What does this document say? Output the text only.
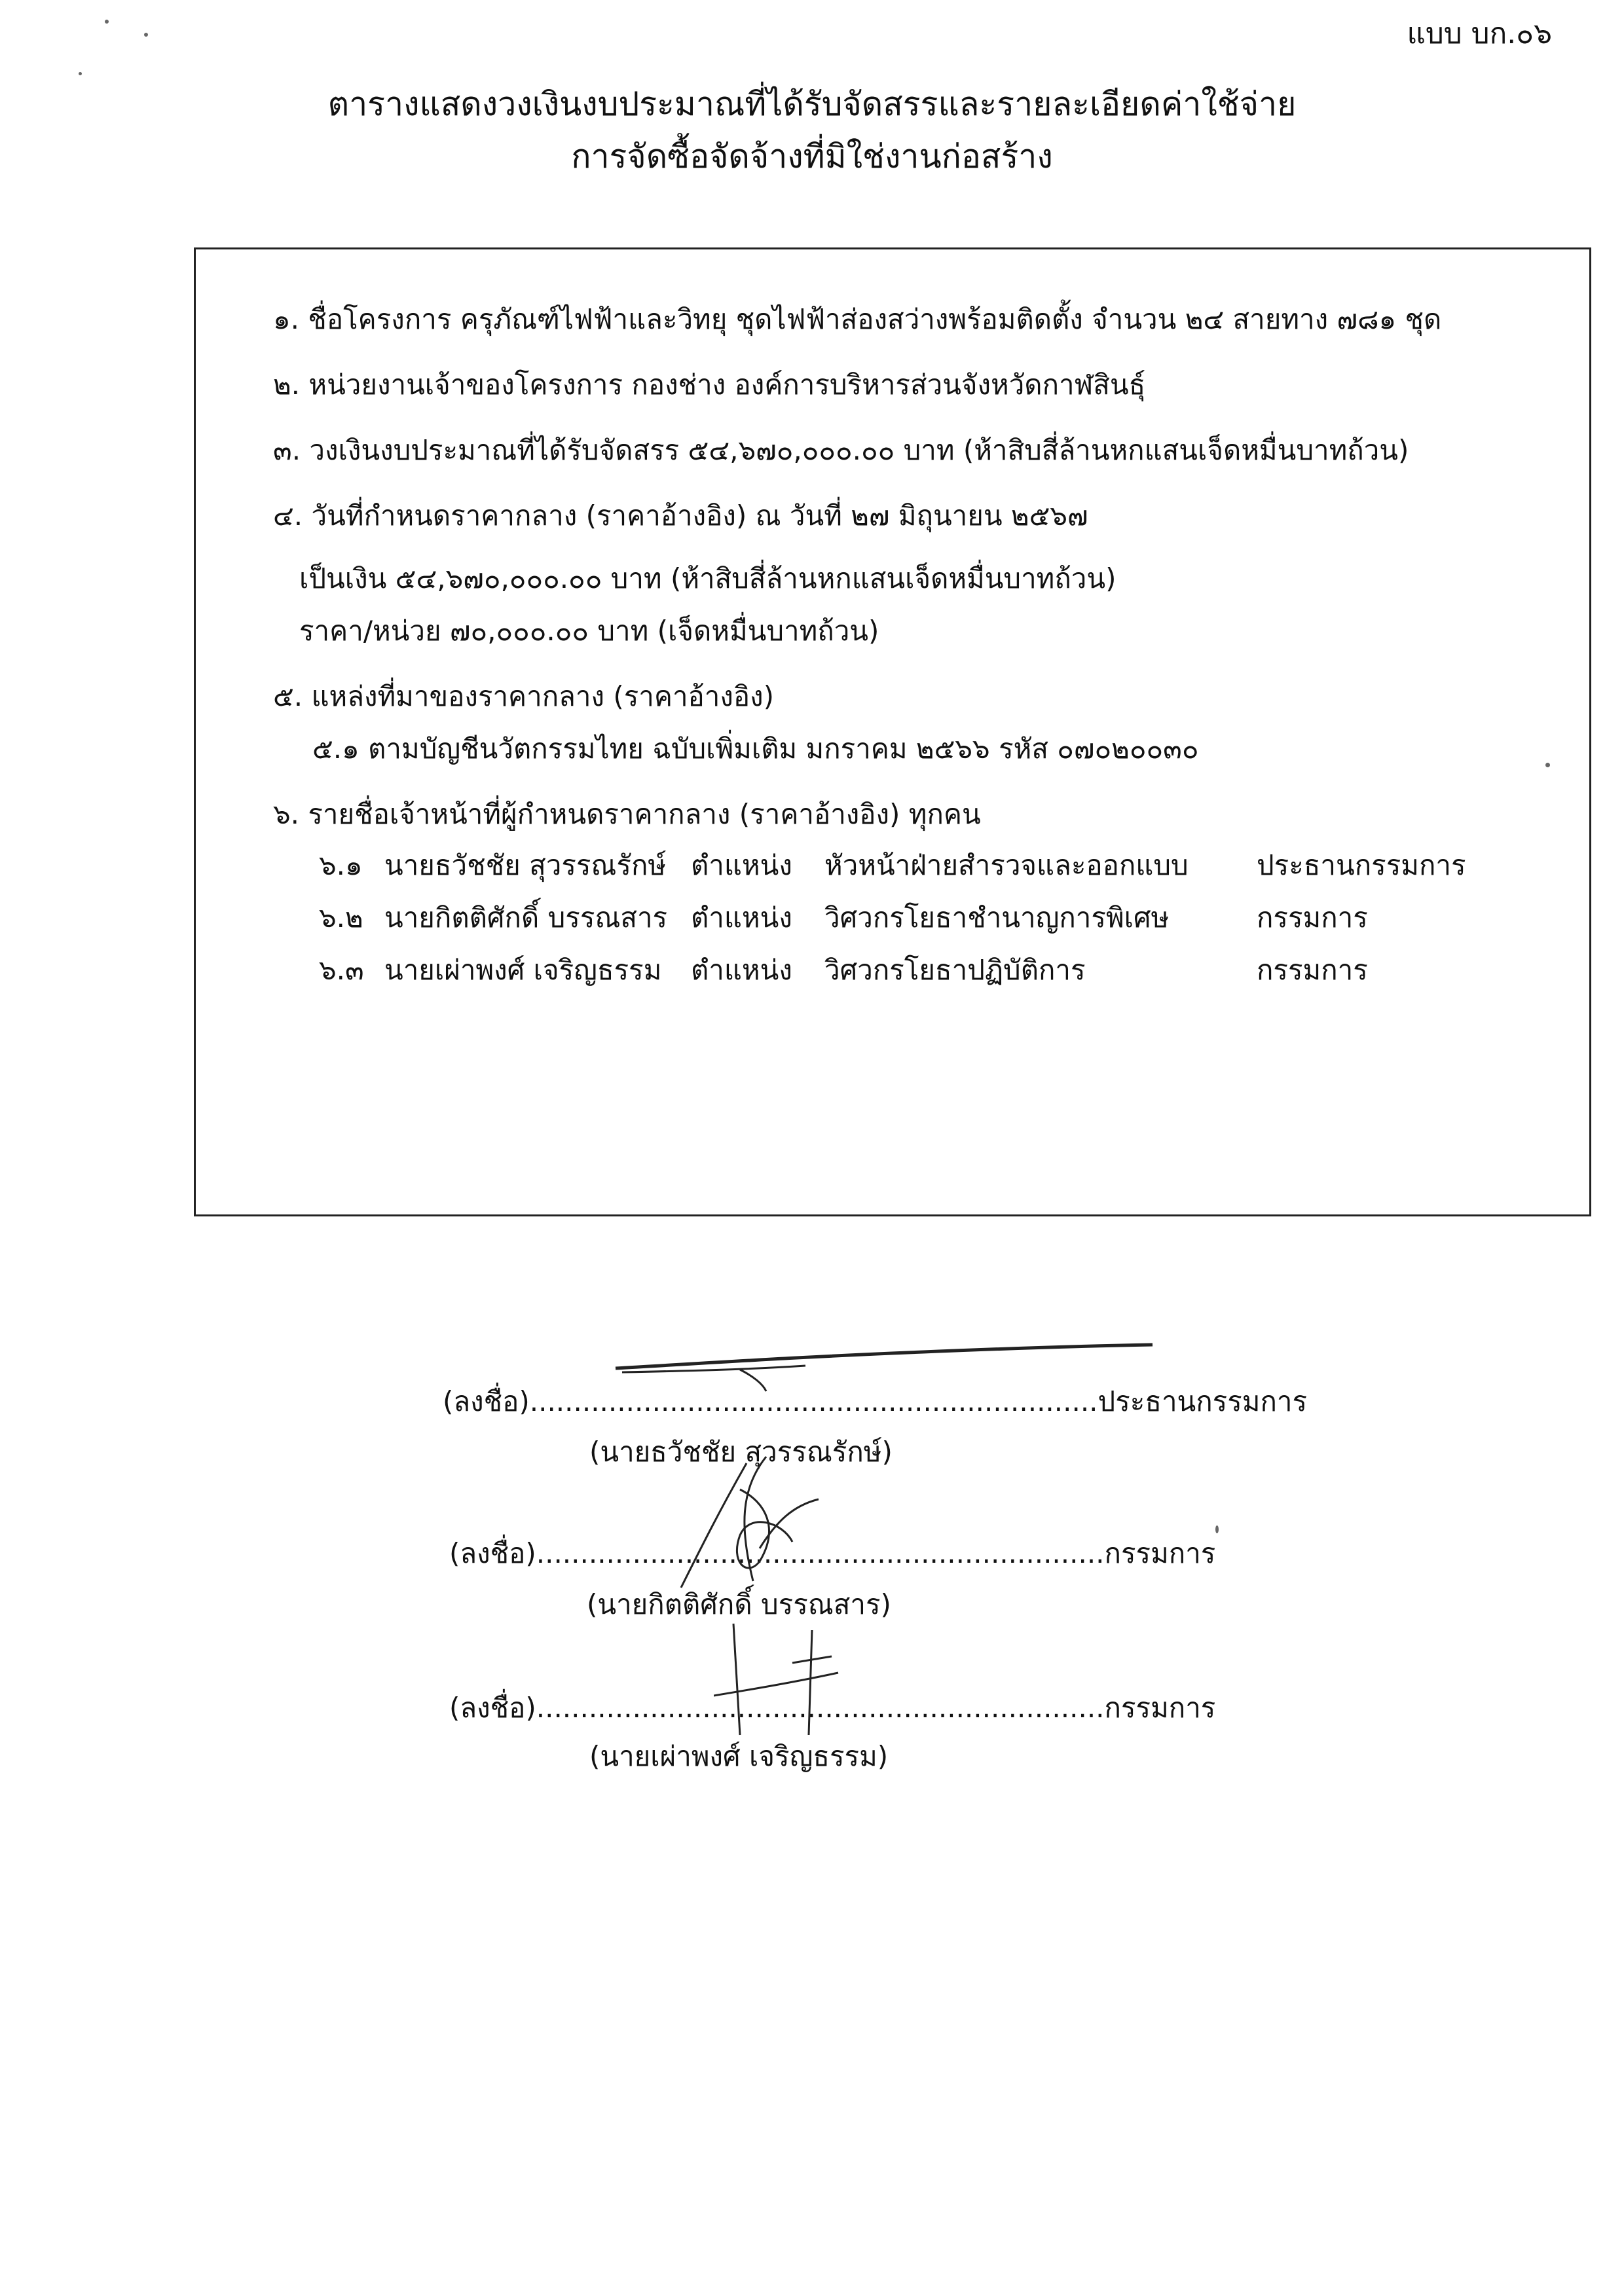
แบบ บก.๐๖
ตารางแสดงวงเงินงบประมาณที่ได้รับจัดสรรและรายละเอียดค่าใช้จ่าย
การจัดซื้อจัดจ้างที่มิใช่งานก่อสร้าง
๑. ชื่อโครงการ ครุภัณฑ์ไฟฟ้าและวิทยุ ชุดไฟฟ้าส่องสว่างพร้อมติดตั้ง จำนวน ๒๔ สายทาง ๗๘๑ ชุด
๒. หน่วยงานเจ้าของโครงการ กองช่าง องค์การบริหารส่วนจังหวัดกาฬสินธุ์
๓. วงเงินงบประมาณที่ได้รับจัดสรร ๕๔,๖๗๐,๐๐๐.๐๐ บาท (ห้าสิบสี่ล้านหกแสนเจ็ดหมื่นบาทถ้วน)
๔. วันที่กำหนดราคากลาง (ราคาอ้างอิง) ณ วันที่ ๒๗ มิถุนายน ๒๕๖๗
เป็นเงิน ๕๔,๖๗๐,๐๐๐.๐๐ บาท (ห้าสิบสี่ล้านหกแสนเจ็ดหมื่นบาทถ้วน)
ราคา/หน่วย ๗๐,๐๐๐.๐๐ บาท (เจ็ดหมื่นบาทถ้วน)
๕. แหล่งที่มาของราคากลาง (ราคาอ้างอิง)
๕.๑ ตามบัญชีนวัตกรรมไทย ฉบับเพิ่มเติม มกราคม ๒๕๖๖ รหัส ๐๗๐๒๐๐๓๐
๖. รายชื่อเจ้าหน้าที่ผู้กำหนดราคากลาง (ราคาอ้างอิง) ทุกคน
๖.๑ นายธวัชชัย สุวรรณรักษ์ ตำแหน่ง หัวหน้าฝ่ายสำรวจและออกแบบ ประธานกรรมการ
๖.๒ นายกิตติศักดิ์ บรรณสาร ตำแหน่ง วิศวกรโยธาชำนาญการพิเศษ	กรรมการ
๖.๓ นายเผ่าพงศ์ เจริญธรรม ตำแหน่ง วิศวกรโยธาปฏิบัติการ	กรรมการ
(ลงชื่อ).................................................................ประธานกรรมการ
(นายธวัชชัย สุวรรณรักษ์)
(ลงชื่อ).................................................................กรรมการ
(นายกิตติศักดิ์ บรรณสาร)
(ลงชื่อ).................................................................กรรมการ
(นายเผ่าพงศ์ เจริญธรรม)
